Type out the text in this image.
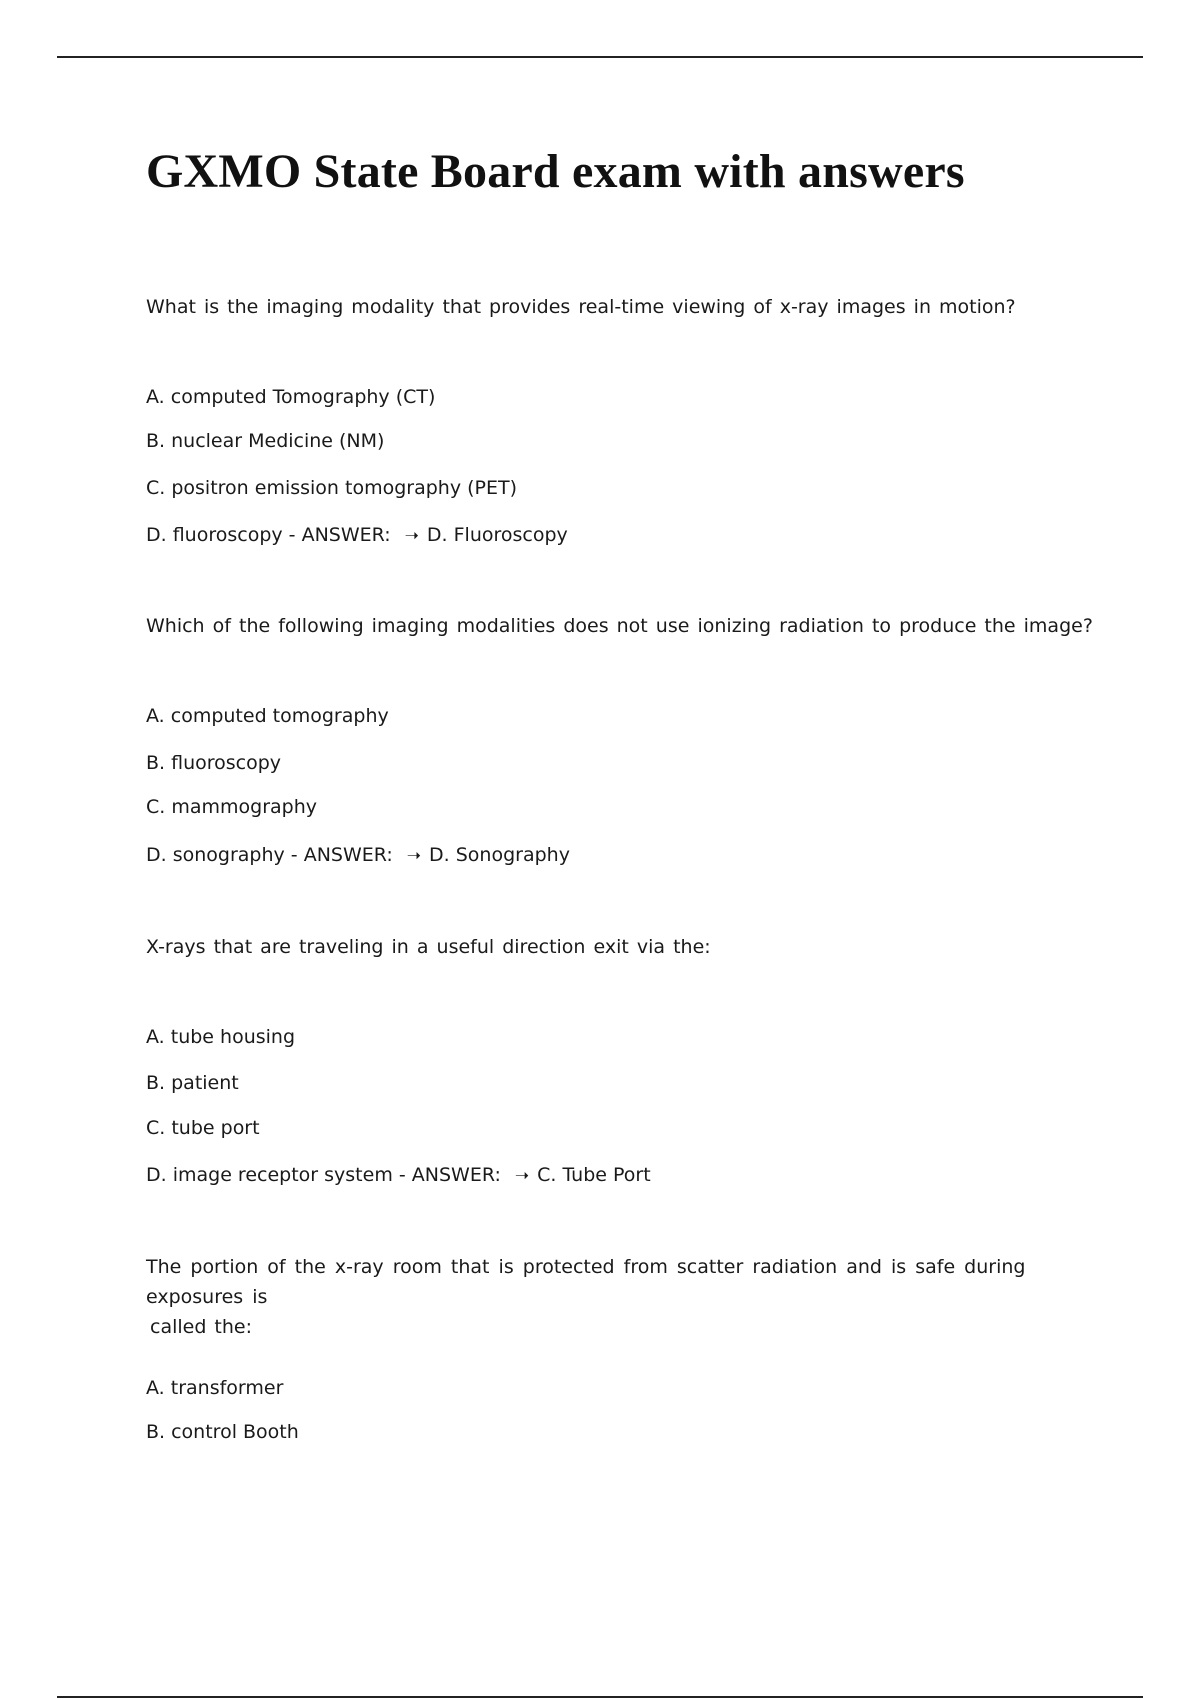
GXMO State Board exam with answers

What is the imaging modality that provides real-time viewing of x-ray images in motion?

A. computed Tomography (CT)
B. nuclear Medicine (NM)
C. positron emission tomography (PET)
D. fluoroscopy - ANSWER: ➝ D. Fluoroscopy

Which of the following imaging modalities does not use ionizing radiation to produce the image?

A. computed tomography
B. fluoroscopy
C. mammography
D. sonography - ANSWER: ➝ D. Sonography

X-rays that are traveling in a useful direction exit via the:

A. tube housing
B. patient
C. tube port
D. image receptor system - ANSWER: ➝ C. Tube Port

The portion of the x-ray room that is protected from scatter radiation and is safe during exposures is
called the:

A. transformer
B. control Booth
